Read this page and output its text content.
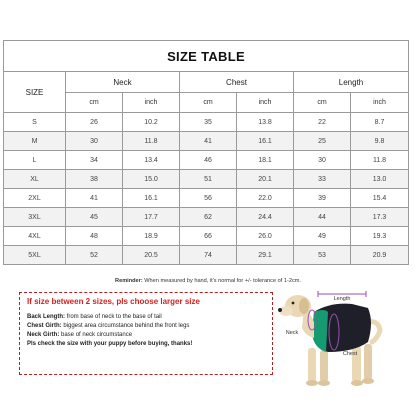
SIZE TABLE						
SIZE	Neck		Chest		Length	
	cm	inch	cm	inch	cm	inch
S	26	10.2	35	13.8	22	8.7
M	30	11.8	41	16.1	25	9.8
L	34	13.4	46	18.1	30	11.8
XL	38	15.0	51	20.1	33	13.0
2XL	41	16.1	56	22.0	39	15.4
3XL	45	17.7	62	24.4	44	17.3
4XL	48	18.9	66	26.0	49	19.3
5XL	52	20.5	74	29.1	53	20.9
Reminder: When measured by hand, it's normal for +/- tolerance of 1-2cm.
If size between 2 sizes, pls choose larger size
Back Length: from base of neck to the base of tail
Chest Girth: biggest area circumstance behind the front legs
Neck Girth: base of neck circumstance
Pls check the size with your puppy before buying, thanks!
Length
Neck
Chest
